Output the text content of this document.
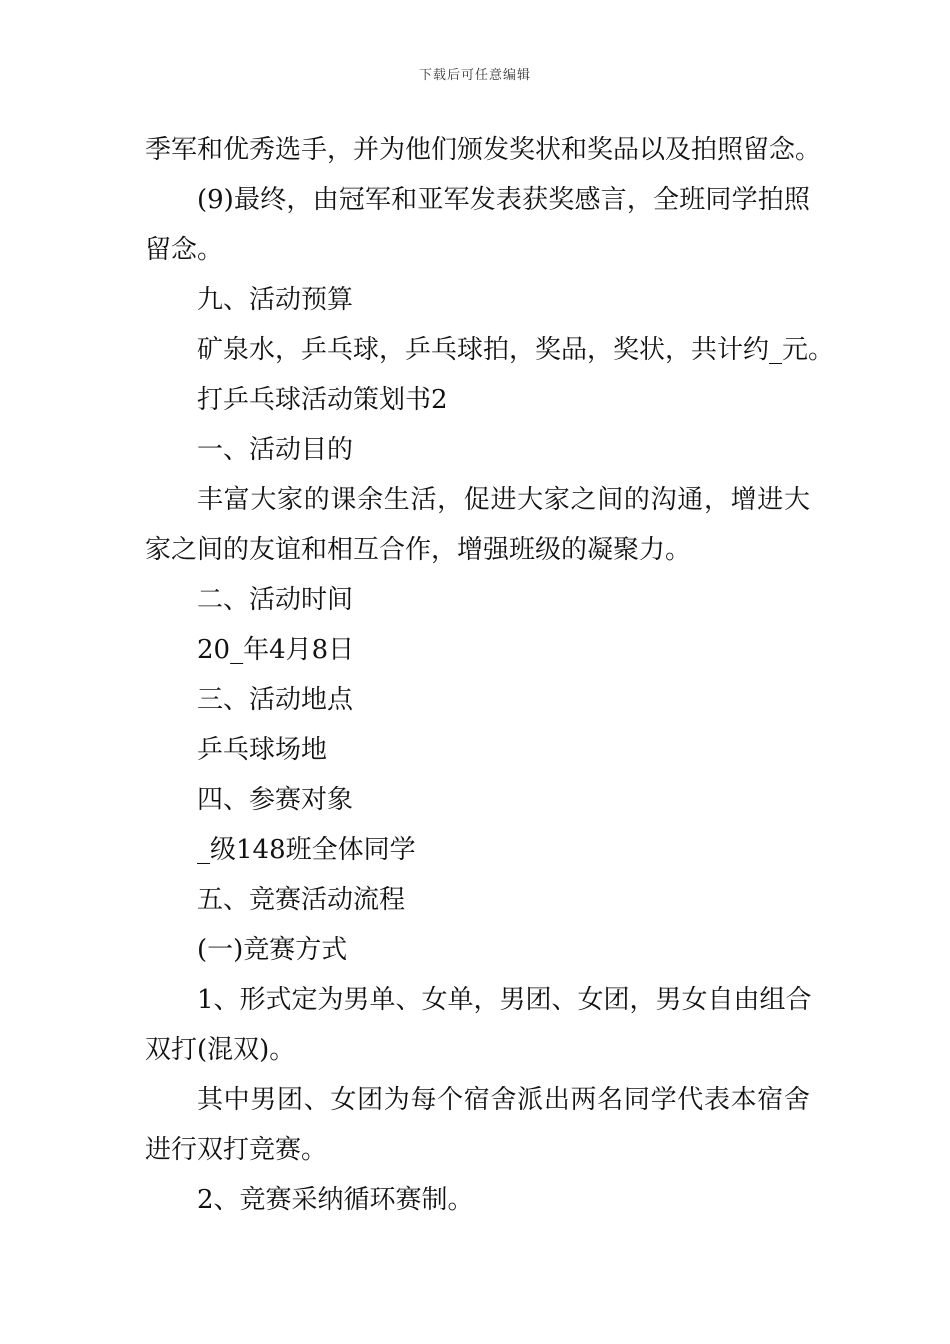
下载后可任意编辑
季军和优秀选手，并为他们颁发奖状和奖品以及拍照留念。
(9)最终，由冠军和亚军发表获奖感言，全班同学拍照
留念。
九、活动预算
矿泉水，乒乓球，乒乓球拍，奖品，奖状，共计约_元。
打乒乓球活动策划书2
一、活动目的
丰富大家的课余生活，促进大家之间的沟通，增进大
家之间的友谊和相互合作，增强班级的凝聚力。
二、活动时间
20_年4月8日
三、活动地点
乒乓球场地
四、参赛对象
_级148班全体同学
五、竞赛活动流程
(一)竞赛方式
1、形式定为男单、女单，男团、女团，男女自由组合
双打(混双)。
其中男团、女团为每个宿舍派出两名同学代表本宿舍
进行双打竞赛。
2、竞赛采纳循环赛制。
